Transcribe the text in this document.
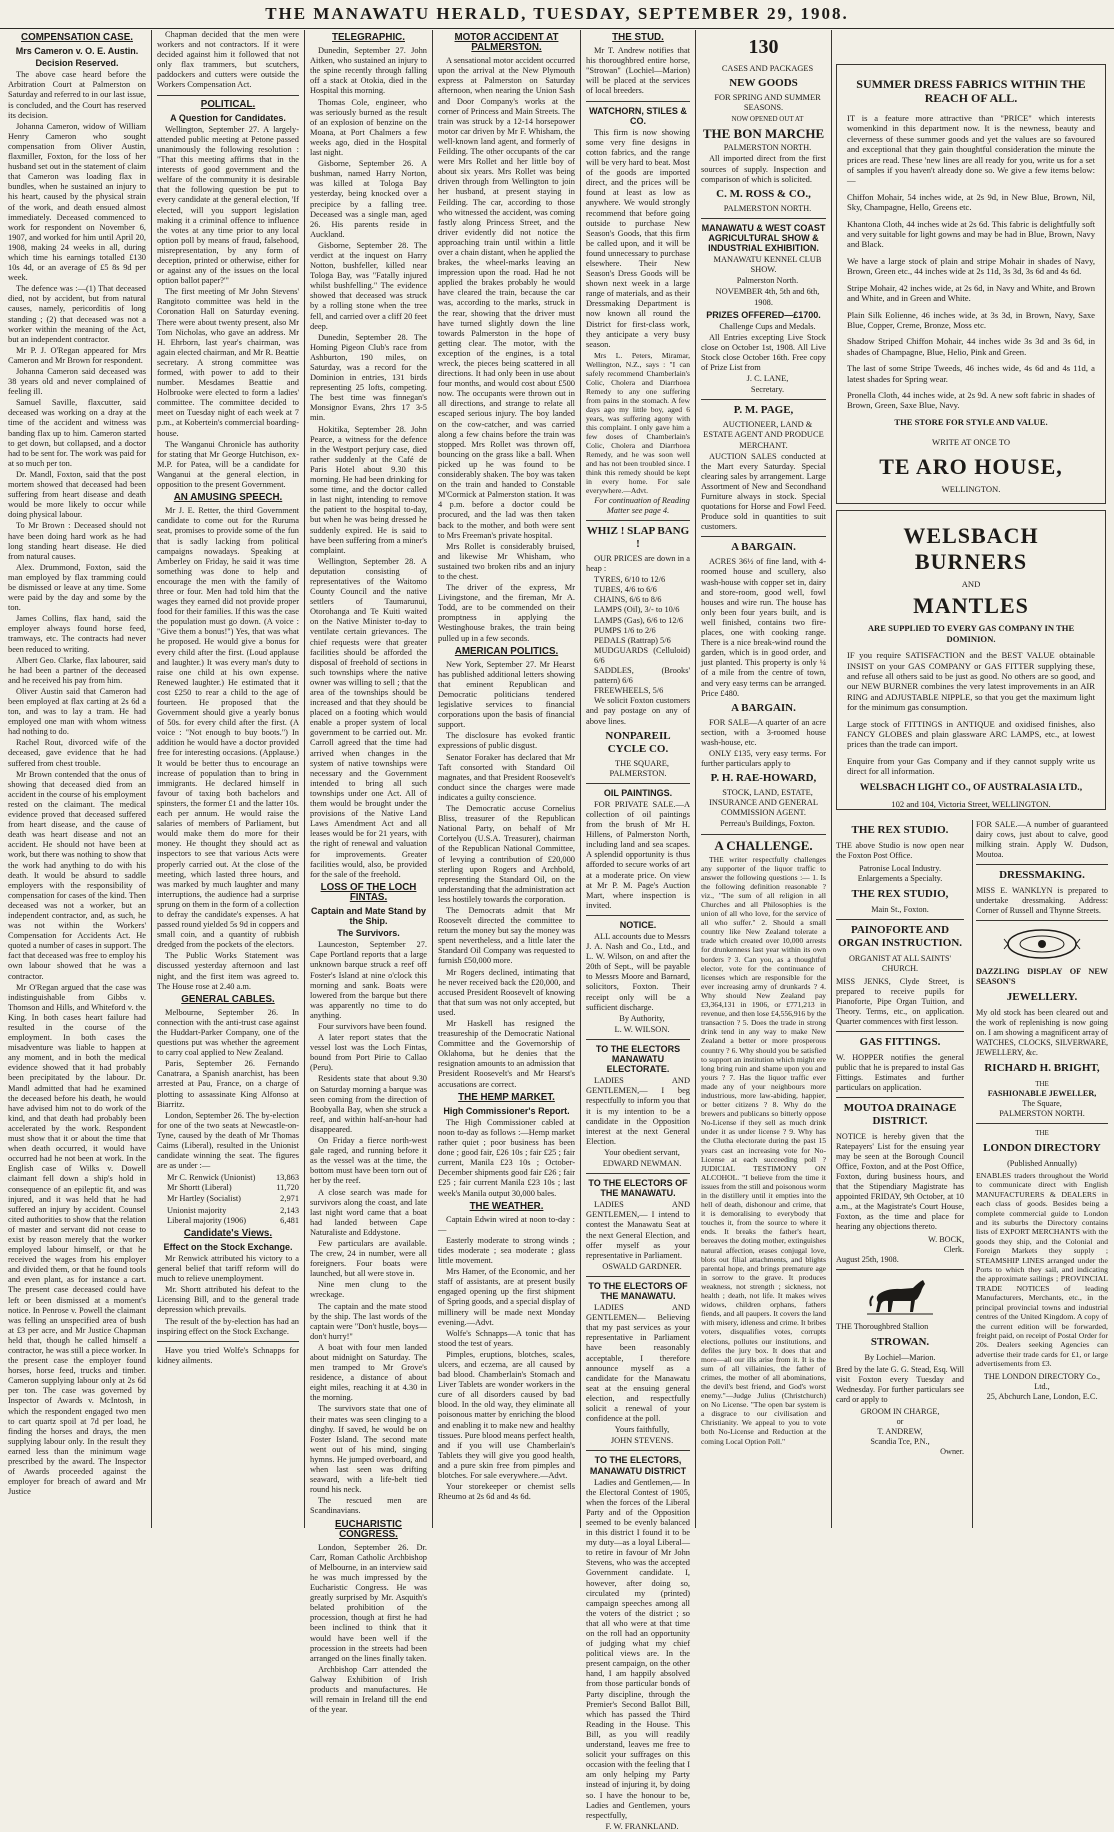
THE MANAWATU HERALD, TUESDAY, SEPTEMBER 29, 1908.
COMPENSATION CASE.
Mrs Cameron v. O. E. Austin.
Decision Reserved.

The above case heard before the Arbitration Court at Palmerston on Saturday and referred to in our last issue, is concluded, and the Court has reserved its decision.

Johanna Cameron, widow of William Henry Cameron who sought compensation from Oliver Austin, flaxmiller, Foxton, for the loss of her husband set out in the statement of claim that Cameron was loading flax in bundles, when he sustained an injury to his heart, caused by the physical strain of the work, and death ensued almost immediately. Deceased commenced to work for respondent on November 6, 1907, and worked for him until April 20, 1908, making 24 weeks in all, during which time his earnings totalled £130 10s 4d, or an average of £5 8s 9d per week.

The defence was :—(1) That deceased died, not by accident, but from natural causes, namely, pericorditis of long standing ; (2) that deceased was not a worker within the meaning of the Act, but an independent contractor.

Mr P. J. O'Regan appeared for Mrs Cameron and Mr Brown for respondent.

Johanna Cameron said deceased was 38 years old and never complained of feeling ill.

Samuel Saville, flaxcutter, said deceased was working on a dray at the time of the accident and witness was banding flax up to him. Cameron started to get down, but collapsed, and a doctor had to be sent for. The work was paid for at so much per ton.

Dr. Mandl, Foxton, said that the post mortem showed that deceased had been suffering from heart disease and death would be more likely to occur while doing physical labour.

To Mr Brown : Deceased should not have been doing hard work as he had long standing heart disease. He died from natural causes.

Alex. Drummond, Foxton, said the man employed by flax tramming could be dismissed or leave at any time. Some were paid by the day and some by the ton.

James Collins, flax hand, said the employer always found horse feed, tramways, etc. The contracts had never been reduced to writing.

Albert Geo. Clarke, flax labourer, said he had been a partner of the deceased and he received his pay from him.

Oliver Austin said that Cameron had been employed at flax carting at 2s 6d a ton, and was to lay a tram. He had employed one man with whom witness had nothing to do.

Rachel Rout, divorced wife of the deceased, gave evidence that he had suffered from chest trouble.

Mr Brown contended that the onus of showing that deceased died from an accident in the course of his employment rested on the claimant. The medical evidence proved that deceased suffered from heart disease, and the cause of death was heart disease and not an accident. He should not have been at work, but there was nothing to show that the work had anything to do with his death. It would be absurd to saddle employers with the responsibility of compensation for cases of the kind. Then deceased was not a worker, but an independent contractor, and, as such, he was not within the Workers' Compensation for Accidents Act. He quoted a number of cases in support. The fact that deceased was free to employ his own labour showed that he was a contractor.

Mr O'Regan argued that the case was indistinguishable from Gibbs v. Thomson and Hills, and Whiteford v. the King. In both cases heart failure had resulted in the course of the employment. In both cases the misadventure was liable to happen at any moment, and in both the medical evidence showed that it had probably been precipitated by the labour. Dr. Mandl admitted that had he examined the deceased before his death, he would have advised him not to do work of the kind, and that death had probably been accelerated by the work. Respondent must show that it or about the time that when death occurred, it would have occurred had he not been at work. In the English case of Wilks v. Dowell claimant fell down a ship's hold in consequence of an epileptic fit, and was injured, and it was held that he had suffered an injury by accident. Counsel cited authorities to show that the relation of master and servant did not cease to exist by reason merely that the worker employed labour himself, or that he received the wages from his employer and divided them, or that he found tools and even plant, as for instance a cart. The present case deceased could have left or been dismissed at a moment's notice. In Penrose v. Powell the claimant was felling an unspecified area of bush at £3 per acre, and Mr Justice Chapman held that, though he called himself a contractor, he was still a piece worker. In the present case the employer found horses, horse feed, trucks and timber. Cameron supplying labour only at 2s 6d per ton. The case was governed by Inspector of Awards v. McIntosh, in which the respondent engaged two men to cart quartz spoil at 7d per load, he finding the horses and drays, the men supplying labour only. In the result they earned less than the minimum wage prescribed by the award. The Inspector of Awards proceeded against the employer for breach of award and Mr Justice

Chapman decided that the men were workers and not contractors. If it were decided against him it followed that not only flax trammers, but scutchers, paddockers and cutters were outside the Workers Compensation Act.

POLITICAL.
A Question for Candidates.

Wellington, September 27. A largely-attended public meeting at Petone passed unanimously the following resolution : "That this meeting affirms that in the interests of good government and the welfare of the community it is desirable that the following question be put to every candidate at the general election, 'If elected, will you support legislation making it a criminal offence to influence the votes at any time prior to any local option poll by means of fraud, falsehood, misrepresentation, by any form of deception, printed or otherwise, either for or against any of the issues on the local option ballot paper?'"

The first meeting of Mr John Stevens' Rangitoto committee was held in the Coronation Hall on Saturday evening. There were about twenty present, also Mr Tom Nicholas, who gave an address. Mr H. Ehrborn, last year's chairman, was again elected chairman, and Mr R. Beattie secretary. A strong committee was formed, with power to add to their number. Mesdames Beattie and Holbrooke were elected to form a ladies' committee. The committee decided to meet on Tuesday night of each week at 7 p.m., at Kobertein's commercial boarding-house.

The Wanganui Chronicle has authority for stating that Mr George Hutchison, ex-M.P. for Patea, will be a candidate for Wanganui at the general election, in opposition to the present Government.

AN AMUSING SPEECH.

Mr J. E. Retter, the third Government candidate to come out for the Ruruma seat, promises to provide some of the fun that is sadly lacking from political campaigns nowadays. Speaking at Amberley on Friday, he said it was time something was done to help and encourage the men with the family of three or four. Men had told him that the wages they earned did not provide proper food for their families. If this was the case the population must go down. (A voice : "Give them a bonus!") Yes, that was what he proposed. He would give a bonus for every child after the first. (Loud applause and laughter.) It was every man's duty to raise one child at his own expense. Renewed laughter.) He estimated that it cost £250 to rear a child to the age of fourteen. He proposed that the Government should give a yearly bonus of 50s. for every child after the first. (A voice : "Not enough to buy boots.") In addition he would have a doctor provided free for interesting occasions. (Applause.) It would be better thus to encourage an increase of population than to bring in immigrants. He declared himself in favour of taxing both bachelors and spinsters, the former £1 and the latter 10s. each per annum. He would raise the salaries of members of Parliament, but would make them do more for their money. He thought they should act as inspectors to see that various Acts were properly carried out. At the close of the meeting, which lasted three hours, and was marked by much laughter and many interruptions, the audience had a surprise sprung on them in the form of a collection to defray the candidate's expenses. A hat passed round yielded 5s 9d in coppers and small coin, and a quantity of rubbish dredged from the pockets of the electors.

The Public Works Statement was discussed yesterday afternoon and last night, and the first item was agreed to. The House rose at 2.40 a.m.

GENERAL CABLES.

Melbourne, September 26. In connection with the anti-trust case against the Huddart-Parker Company, one of the questions put was whether the agreement to carry coal applied to New Zealand.

Paris, September 26. Fernando Canatrara, a Spanish anarchist, has been arrested at Pau, France, on a charge of plotting to assassinate King Alfonso at Biarritz.

London, September 26. The by-election for one of the two seats at Newcastle-on-Tyne, caused by the death of Mr Thomas Caims (Liberal), resulted in the Unionist candidate winning the seat. The figures are as under :—

Mr C. Renwick (Unionist) 13,863
Mr Shortt (Liberal)	11,720
Mr Hartley (Socialist)	2,971
Unionist majority	2,143
Liberal majority (1906)	6,481
Candidate's Views.
Effect on the Stock Exchange.

Mr Renwick attributed his victory to a general belief that tariff reform will do much to relieve unemployment.

Mr. Shortt attributed his defeat to the Licensing Bill, and to the general trade depression which prevails.

The result of the by-election has had an inspiring effect on the Stock Exchange.

Have you tried Wolfe's Schnapps for kidney ailments.

TELEGRAPHIC.

Dunedin, September 27. John Aitken, who sustained an injury to the spine recently through falling off a stack at Otokia, died in the Hospital this morning.

Thomas Cole, engineer, who was seriously burned as the result of an explosion of benzine on the Moana, at Port Chalmers a few weeks ago, died in the Hospital last night.

Gisborne, September 26. A bushman, named Harry Norton, was killed at Tologa Bay yesterday, being knocked over a precipice by a falling tree. Deceased was a single man, aged 26. His parents reside in Auckland.

Gisborne, September 28. The verdict at the inquest on Harry Notton, bushfeller, killed near Tologa Bay, was "Fatally injured whilst bushfelling." The evidence showed that deceased was struck by a rolling stone when the tree fell, and carried over a cliff 20 feet deep.

Dunedin, September 28. The Homing Pigeon Club's race from Ashburton, 190 miles, on Saturday, was a record for the Dominion in entries, 131 birds representing 25 lofts, competing. The best time was finnegan's Monsignor Evans, 2hrs 17 3-5 min.

Hokitika, September 28. John Pearce, a witness for the defence in the Westport perjury case, died rather suddenly at the Café de Paris Hotel about 9.30 this morning. He had been drinking for some time, and the doctor called in last night, intending to remove the patient to the hospital to-day, but when he was being dressed he suddenly expired. He is said to have been suffering from a miner's complaint.

Wellington, September 28. A deputation consisting of representatives of the Waitomo County Council and the native settlers of Taumarunui, Otorohanga and Te Kuiti waited on the Native Minister to-day to ventilate certain grievances. The chief requests were that greater facilities should be afforded the disposal of freehold of sections in such townships where the native owner was willing to sell ; that the area of the townships should be increased and that they should be placed on a footing which would enable a proper system of local government to be carried out. Mr. Carroll agreed that the time had arrived when changes in the system of native townships were necessary and the Government intended to bring all such townships under one Act. All of them would be brought under the provisions of the Native Land Laws Amendment Act and all leases would be for 21 years, with the right of renewal and valuation for improvements. Greater facilities would, also, be provided for the sale of the freehold.

LOSS OF THE LOCH FINTAS.
Captain and Mate Stand by the Ship.
The Survivors.

Launceston, September 27. Cape Portland reports that a large unknown barque struck a reef off Foster's Island at nine o'clock this morning and sank. Boats were lowered from the barque but there was apparently no time to do anything.

Four survivors have been found.

A later report states that the vessel lost was the Loch Fintas, bound from Port Pirie to Callao (Peru).

Residents state that about 9.30 on Saturday morning a barque was seen coming from the direction of Boobyalla Bay, when she struck a reef, and within half-an-hour had disappeared.

On Friday a fierce north-west gale raged, and running before it as the vessel was at the time, the bottom must have been torn out of her by the reef.

A close search was made for survivors along the coast, and late last night word came that a boat had landed between Cape Naturaliste and Eddystone.

Few particulars are available. The crew, 24 in number, were all foreigners. Four boats were launched, but all were stove in.

Nine men clung to the wreckage.

The captain and the mate stood by the ship. The last words of the captain were "Don't hustle, boys—don't hurry!"

A boat with four men landed about midnight on Saturday. The men tramped to Mr Grove's residence, a distance of about eight miles, reaching it at 4.30 in the morning.

The survivors state that one of their mates was seen clinging to a dinghy. If saved, he would be on Foster Island. The second mate went out of his mind, singing hymns. He jumped overboard, and when last seen was drifting seaward, with a life-belt tied round his neck.

The rescued men are Scandinavians.

EUCHARISTIC CONGRESS.

London, September 26. Dr. Carr, Roman Catholic Archbishop of Melbourne, in an interview said he was much impressed by the Eucharistic Congress. He was greatly surprised by Mr. Asquith's belated prohibition of the procession, though at first he had been inclined to think that it would have been well if the procession in the streets had been arranged on the lines finally taken.

Archbishop Carr attended the Galway Exhibition of Irish products and manufactures. He will remain in Ireland till the end of the year.

MOTOR ACCIDENT AT PALMERSTON.

A sensational motor accident occurred upon the arrival at the New Plymouth express at Palmerston on Saturday afternoon, when nearing the Union Sash and Door Company's works at the corner of Princess and Main Streets. The train was struck by a 12-14 horsepower motor car driven by Mr F. Whisham, the well-known land agent, and formerly of Feilding. The other occupants of the car were Mrs Rollet and her little boy of about six years. Mrs Rollet was being driven through from Wellington to join her husband, at present staying in Feilding. The car, according to those who witnessed the accident, was coming fastly along Princess Street, and the driver evidently did not notice the approaching train until within a little over a chain distant, when he applied the brakes, the wheel-marks leaving an impression upon the road. Had he not applied the brakes probably he would have cleared the train, because the car was, according to the marks, struck in the rear, showing that the driver must have turned slightly down the line towards Palmerston in the hope of getting clear. The motor, with the exception of the engines, is a total wreck, the pieces being scattered in all directions. It had only been in use about four months, and would cost about £500 now. The occupants were thrown out in all directions, and strange to relate all escaped serious injury. The boy landed on the cow-catcher, and was carried along a few chains before the train was stopped. Mrs Rollet was thrown off, bouncing on the grass like a ball. When picked up he was found to be considerably shaken. The boy was taken on the train and handed to Constable M'Cormick at Palmerston station. It was 4 p.m. before a doctor could be procured, and the lad was then taken back to the mother, and both were sent to Mrs Freeman's private hospital.

Mrs Rollet is considerably bruised, and likewise Mr Whisham, who sustained two broken ribs and an injury to the chest.

The driver of the express, Mr Livingstone, and the fireman, Mr A. Todd, are to be commended on their promptness in applying the Westinghouse brakes, the train being pulled up in a few seconds.

AMERICAN POLITICS.

New York, September 27. Mr Hearst has published additional letters showing that eminent Republican and Democratic politicians tendered legislative services to financial corporations upon the basis of financial support.

The disclosure has evoked frantic expressions of public disgust.

Senator Foraker has declared that Mr Taft consorted with Standard Oil magnates, and that President Roosevelt's conduct since the charges were made indicates a guilty conscience.

The Democratic accuse Cornelius Bliss, treasurer of the Republican National Party, on behalf of Mr Cortelyou (U.S.A. Treasurer), chairman of the Republican National Committee, of levying a contribution of £20,000 sterling upon Rogers and Archbold, representing the Standard Oil, on the understanding that the administration act less hostilely towards the corporation.

The Democrats admit that Mr Roosevelt directed the committee to return the money but say the money was spent nevertheless, and a little later the Standard Oil Company was requested to furnish £50,000 more.

Mr Rogers declined, intimating that he never received back the £20,000, and accused President Roosevelt of knowing that that sum was not only accepted, but used.

Mr Haskell has resigned the treasureship of the Democratic National Committee and the Governorship of Oklahoma, but he denies that the resignation amounts to an admission that President Roosevelt's and Mr Hearst's accusations are correct.

THE HEMP MARKET.
High Commissioner's Report.

The High Commissioner cabled at noon to-day as follows :—Hemp market rather quiet ; poor business has been done ; good fair, £26 10s ; fair £25 ; fair current, Manila £23 10s ; October-December shipments good fair £26 ; fair £25 ; fair current Manila £23 10s ; last week's Manila output 30,000 bales.

THE WEATHER.

Captain Edwin wired at noon to-day :—

Easterly moderate to strong winds ; tides moderate ; sea moderate ; glass little movement.

Mrs Hamer, of the Economic, and her staff of assistants, are at present busily engaged opening up the first shipment of Spring goods, and a special display of millinery will be made next Monday evening.—Advt.

Wolfe's Schnapps—A tonic that has stood the test of years.

Pimples, eruptions, blotches, scales, ulcers, and eczema, are all caused by bad blood. Chamberlain's Stomach and Liver Tablets are wonder workers in the cure of all disorders caused by bad blood. In the old way, they eliminate all poisonous matter by enriching the blood and enabling it to make new and healthy tissues. Pure blood means perfect health, and if you will use Chamberlain's Tablets they will give you good health, and a pure skin free from pimples and blotches. For sale everywhere.—Advt.

Your storekeeper or chemist sells Rheumo at 2s 6d and 4s 6d.

THE STUD.

Mr T. Andrew notifies that his thoroughbred entire horse, "Strowan" (Lochiel—Marion) will be placed at the services of local breeders.

WATCHORN, STILES & CO.

This firm is now showing some very fine designs in cotton fabrics, and the range will be very hard to beat. Most of the goods are imported direct, and the prices will be found at least as low as anywhere. We would strongly recommend that before going outside to purchase New Season's Goods, that this firm be called upon, and it will be found unnecessary to purchase elsewhere. Their New Season's Dress Goods will be shown next week in a large range of materials, and as their Dressmaking Department is now known all round the District for first-class work, they anticipate a very busy season.

Mrs L. Peters, Miramar, Wellington, N.Z., says : "I can safely recommend Chamberlain's Colic, Cholera and Diarrhoea Remedy to any one suffering from pains in the stomach. A few days ago my little boy, aged 6 years, was suffering agony with this complaint. I only gave him a few doses of Chamberlain's Colic, Cholera and Diarrhoea Remedy, and he was soon well and has not been troubled since. I think this remedy should be kept in every home. For sale everywhere.—Advt.

For continuation of Reading Matter see page 4.

WHIZ ! SLAP BANG !

OUR PRICES are down in a heap :

TYRES, 6/10 to 12/6
TUBES, 4/6 to 6/6
CHAINS, 6/6 to 8/6
LAMPS (Oil), 3/- to 10/6
LAMPS (Gas), 6/6 to 12/6
PUMPS 1/6 to 2/6
PEDALS (Rattrap) 5/6
MUDGUARDS (Celluloid) 6/6
SADDLES, (Brooks' pattern) 6/6
FREEWHEELS, 5/6

We solicit Foxton customers and pay postage on any of above lines.

NONPAREIL CYCLE CO.

THE SQUARE, PALMERSTON.

OIL PAINTINGS.

FOR PRIVATE SALE.—A collection of oil paintings from the brush of Mr H. Hillens, of Palmerston North, including land and sea scapes. A splendid opportunity is thus afforded to secure works of art at a moderate price. On view at Mr P. M. Page's Auction Mart, where inspection is invited.

NOTICE.

ALL accounts due to Messrs J. A. Nash and Co., Ltd., and L. W. Wilson, on and after the 20th of Sept., will be payable to Messrs Moore and Barnard, solicitors, Foxton. Their receipt only will be a sufficient discharge.

By Authority,

L. W. WILSON.

TO THE ELECTORS MANAWATU ELECTORATE.

LADIES AND GENTLEMEN,— I beg respectfully to inform you that it is my intention to be a candidate in the Opposition interest at the next General Election.

Your obedient servant,

EDWARD NEWMAN.

TO THE ELECTORS OF THE MANAWATU.

LADIES AND GENTLEMEN,— I intend to contest the Manawatu Seat at the next General Election, and offer myself as your representative in Parliament.

OSWALD GARDNER.

TO THE ELECTORS OF THE MANAWATU.

LADIES AND GENTLEMEN— Believing that my past services as your representative in Parliament have been reasonably acceptable, I therefore announce myself as a candidate for the Manawatu seat at the ensuing general election, and respectfully solicit a renewal of your confidence at the poll.

Yours faithfully,

JOHN STEVENS.

TO THE ELECTORS, MANAWATU DISTRICT

Ladies and Gentlemen,— In the Electoral Contest of 1905, when the forces of the Liberal Party and of the Opposition seemed to be evenly balanced in this district I found it to be my duty—as a loyal Liberal—to retire in favour of Mr John Stevens, who was the accepted Government candidate. I, however, after doing so, circulated my (printed) campaign speeches among all the voters of the district ; so that all who were at that time on the roll had an opportunity of judging what my chief political views are. In the present campaign, on the other hand, I am happily absolved from those particular bonds of Party discipline, through the Premier's Second Ballot Bill, which has passed the Third Reading in the House. This Bill, as you will readily understand, leaves me free to solicit your suffrages on this occasion with the feeling that I am only helping my Party instead of injuring it, by doing so. I have the honour to be, Ladies and Gentlemen, yours respectfully,

F. W. FRANKLAND.

130

CASES AND PACKAGES

NEW GOODS

FOR SPRING AND SUMMER SEASONS.

NOW OPENED OUT AT

THE BON MARCHE

PALMERSTON NORTH.

All imported direct from the first sources of supply. Inspection and comparison of which is solicited.

C. M. ROSS & CO.,

PALMERSTON NORTH.

MANAWATU & WEST COAST AGRICULTURAL SHOW & INDUSTRIAL EXHIBITION.

MANAWATU KENNEL CLUB SHOW.

Palmerston North.

NOVEMBER 4th, 5th and 6th, 1908.

PRIZES OFFERED—£1700.

Challenge Cups and Medals.

All Entries excepting Live Stock close on October 1st, 1908. All Live Stock close October 16th. Free copy of Prize List from

J. C. LANE,

Secretary.

P. M. PAGE,

AUCTIONEER, LAND & ESTATE AGENT AND PRODUCE MERCHANT.

AUCTION SALES conducted at the Mart every Saturday. Special clearing sales by arrangement. Large Assortment of New and Secondhand Furniture always in stock. Special quotations for Horse and Fowl Feed. Produce sold in quantities to suit customers.

A BARGAIN.

ACRES 36½ of fine land, with 4-roomed house and scullery, also wash-house with copper set in, dairy and store-room, good well, fowl houses and wire run. The house has only been four years built, and is well finished, contains two fire-places, one with cooking range. There is a nice break-wind round the garden, which is in good order, and just planted. This property is only ¼ of a mile from the centre of town, and very easy terms can be arranged. Price £480.

A BARGAIN.

FOR SALE—A quarter of an acre section, with a 3-roomed house wash-house, etc.

ONLY £135, very easy terms. For further particulars apply to

P. H. RAE-HOWARD,

STOCK, LAND, ESTATE, INSURANCE AND GENERAL COMMISSION AGENT.

Perreau's Buildings, Foxton.

A CHALLENGE.

THE writer respectfully challenges any supporter of the liquor traffic to answer the following questions :— 1. Is the following definition reasonable ? viz., "The sum of all religion in all Churches and all Philosophies is the union of all who love, for the service of all who suffer." 2. Should a small country like New Zealand tolerate a trade which created over 10,000 arrests for drunkenness last year within its own borders ? 3. Can you, as a thoughtful elector, vote for the continuance of licenses which are responsible for the ever increasing army of drunkards ? 4. Why should New Zealand pay £3,364,131 in 1906, or £771,213 in revenue, and then lose £4,556,916 by the transaction ? 5. Does the trade in strong drink tend in any way to make New Zealand a better or more prosperous country ? 6. Why should you be satisfied to support an institution which might ere long bring ruin and shame upon you and yours ? 7. Has the liquor traffic ever made any of your neighbours more industrious, more law-abiding, happier, or better citizens ? 8. Why do the brewers and publicans so bitterly oppose No-License if they sell as much drink under it as under license ? 9. Why has the Clutha electorate during the past 15 years cast an increasing vote for No-License at each succeeding poll ? JUDICIAL TESTIMONY ON ALCOHOL. "I believe from the time it issues from the still and poisonous worm in the distillery until it empties into the hell of death, dishonour and crime, that it is demoralising to everybody that touches it, from the source to where it ends. It breaks the father's heart, bereaves the doting mother, extinguishes natural affection, erases conjugal love, blots out filial attachments, and blights parental hope, and brings premature age in sorrow to the grave. It produces weakness, not strength ; sickness, not health ; death, not life. It makes wives widows, children orphans, fathers fiends, and all paupers. It covers the land with misery, idleness and crime. It bribes voters, disqualifies votes, corrupts elections, pollutes our institutions, and defiles the jury box. It does that and more—all our ills arise from it. It is the sum of all villainies, the father of crimes, the mother of all abominations, the devil's best friend, and God's worst enemy."—Judge Julius (Christchurch) on No License. "The open bar system is a disgrace to our civilisation and Christianity. We appeal to you to vote both No-License and Reduction at the coming Local Option Poll."

SUMMER DRESS FABRICS WITHIN THE REACH OF ALL.

IT is a feature more attractive than "PRICE" which interests womenkind in this department now. It is the newness, beauty and cleverness of these summer goods and yet the values are so favoured and exceptional that they gain thoughtful consideration the minute the prices are read. These 'new lines are all ready for you, write us for a set of samples if you haven't already done so. We give a few items below:—

Chiffon Mohair, 54 inches wide, at 2s 9d, in New Blue, Brown, Nil, Sky, Champagne, Hello, Greens etc.

Khantona Cloth, 44 inches wide at 2s 6d. This fabric is delightfully soft and very suitable for light gowns and may be had in Blue, Brown, Navy and Black.

We have a large stock of plain and stripe Mohair in shades of Navy, Brown, Green etc., 44 inches wide at 2s 11d, 3s 3d, 3s 6d and 4s 6d.

Stripe Mohair, 42 inches wide, at 2s 6d, in Navy and White, and Brown and White, and in Green and White.

Plain Silk Eolienne, 46 inches wide, at 3s 3d, in Brown, Navy, Saxe Blue, Copper, Creme, Bronze, Moss etc.

Shadow Striped Chiffon Mohair, 44 inches wide 3s 3d and 3s 6d, in shades of Champagne, Blue, Helio, Pink and Green.

The last of some Stripe Tweeds, 46 inches wide, 4s 6d and 4s 11d, a latest shades for Spring wear.

Pronella Cloth, 44 inches wide, at 2s 9d. A new soft fabric in shades of Brown, Green, Saxe Blue, Navy.

THE STORE FOR STYLE AND VALUE.

WRITE AT ONCE TO

TE ARO HOUSE,

WELLINGTON.

WELSBACH BURNERS

AND

MANTLES

ARE SUPPLIED TO EVERY GAS COMPANY IN THE DOMINION.

IF you require SATISFACTION and the BEST VALUE obtainable INSIST on your GAS COMPANY or GAS FITTER supplying these, and refuse all others said to be just as good. No others are so good, and our NEW BURNER combines the very latest improvements in an AIR RING and ADJUSTABLE NIPPLE, so that you get the maximum light for the minimum gas consumption.

Large stock of FITTINGS in ANTIQUE and oxidised finishes, also FANCY GLOBES and plain glassware ARC LAMPS, etc., at lowest prices than the trade can import.

Enquire from your Gas Company and if they cannot supply write us direct for all information.

WELSBACH LIGHT CO., OF AUSTRALASIA LTD.,

102 and 104, Victoria Street, WELLINGTON.

THE REX STUDIO.

THE above Studio is now open near the Foxton Post Office.

Patronise Local Industry.

Enlargements a Specialty.

THE REX STUDIO,

Main St., Foxton.

PAINOFORTE AND ORGAN INSTRUCTION.

ORGANIST AT ALL SAINTS' CHURCH.

MISS JENKS, Clyde Street, is prepared to receive pupils for Pianoforte, Pipe Organ Tuition, and Theory. Terms, etc., on application. Quarter commences with first lesson.

GAS FITTINGS.

W. HOPPER notifies the general public that he is prepared to instal Gas Fittings. Estimates and further particulars on application.

MOUTOA DRAINAGE DISTRICT.

NOTICE is hereby given that the Ratepayers' List for the ensuing year may be seen at the Borough Council Office, Foxton, and at the Post Office, Foxton, during business hours, and that the Stipendiary Magistrate has appointed FRIDAY, 9th October, at 10 a.m., at the Magistrate's Court House, Foxton, as the time and place for hearing any objections thereto.

W. BOCK,

Clerk.

August 25th, 1908.

THE Thoroughbred Stallion

STROWAN.

By Lochiel—Marion.

Bred by the late G. G. Stead, Esq. Will visit Foxton every Tuesday and Wednesday. For further particulars see card or apply to

GROOM IN CHARGE,

or

T. ANDREW,

Scandia Tce, P.N.,

Owner.

FOR SALE.—A number of guaranteed dairy cows, just about to calve, good milking strain. Apply W. Dudson, Moutoa.

DRESSMAKING.

MISS E. WANKLYN is prepared to undertake dressmaking. Address: Corner of Russell and Thynne Streets.

DAZZLING DISPLAY OF NEW SEASON'S

JEWELLERY.

My old stock has been cleared out and the work of replenishing is now going on. I am showing a magnificent array of WATCHES, CLOCKS, SILVERWARE, JEWELLERY, &c.

RICHARD H. BRIGHT,

THE

FASHIONABLE JEWELLER,

The Square,

PALMERSTON NORTH.

THE

LONDON DIRECTORY

(Published Annually)

ENABLES traders throughout the World to communicate direct with English MANUFACTURERS & DEALERS in each class of goods. Besides being a complete commercial guide to London and its suburbs the Directory contains lists of EXPORT MERCHANTS with the goods they ship, and the Colonial and Foreign Markets they supply ; STEAMSHIP LINES arranged under the Ports to which they sail, and indicating the approximate sailings ; PROVINCIAL TRADE NOTICES of leading Manufacturers, Merchants, etc., in the principal provincial towns and industrial centres of the United Kingdom. A copy of the current edition will be forwarded, freight paid, on receipt of Postal Order for 20s. Dealers seeking Agencies can advertise their trade cards for £1, or large advertisements from £3.

THE LONDON DIRECTORY Co., Ltd.,

25, Abchurch Lane, London, E.C.
